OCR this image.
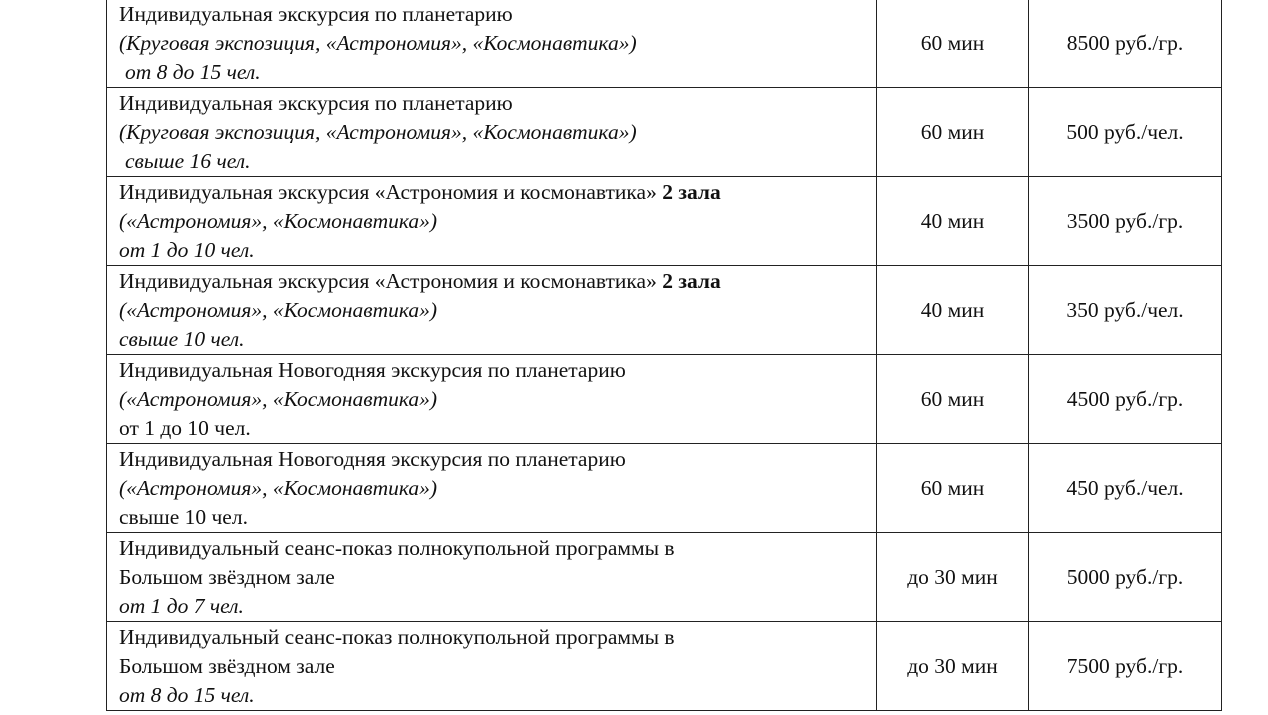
Индивидуальная экскурсия по планетарию
(Круговая экспозиция, «Астрономия», «Космонавтика»)
от 8 до 15 чел.	60 мин	8500 руб./гр.

Индивидуальная экскурсия по планетарию
(Круговая экспозиция, «Астрономия», «Космонавтика»)
свыше 16 чел.	60 мин	500 руб./чел.

Индивидуальная экскурсия «Астрономия и космонавтика» 2 зала
(«Астрономия», «Космонавтика»)
от 1 до 10 чел.	40 мин	3500 руб./гр.

Индивидуальная экскурсия «Астрономия и космонавтика» 2 зала
(«Астрономия», «Космонавтика»)
свыше 10 чел.	40 мин	350 руб./чел.

Индивидуальная Новогодняя экскурсия по планетарию
(«Астрономия», «Космонавтика»)
от 1 до 10 чел.	60 мин	4500 руб./гр.

Индивидуальная Новогодняя экскурсия по планетарию
(«Астрономия», «Космонавтика»)
свыше 10 чел.	60 мин	450 руб./чел.

Индивидуальный сеанс-показ полнокупольной программы в
Большом звёздном зале
от 1 до 7 чел.	до 30 мин	5000 руб./гр.

Индивидуальный сеанс-показ полнокупольной программы в
Большом звёздном зале
от 8 до 15 чел.	до 30 мин	7500 руб./гр.
